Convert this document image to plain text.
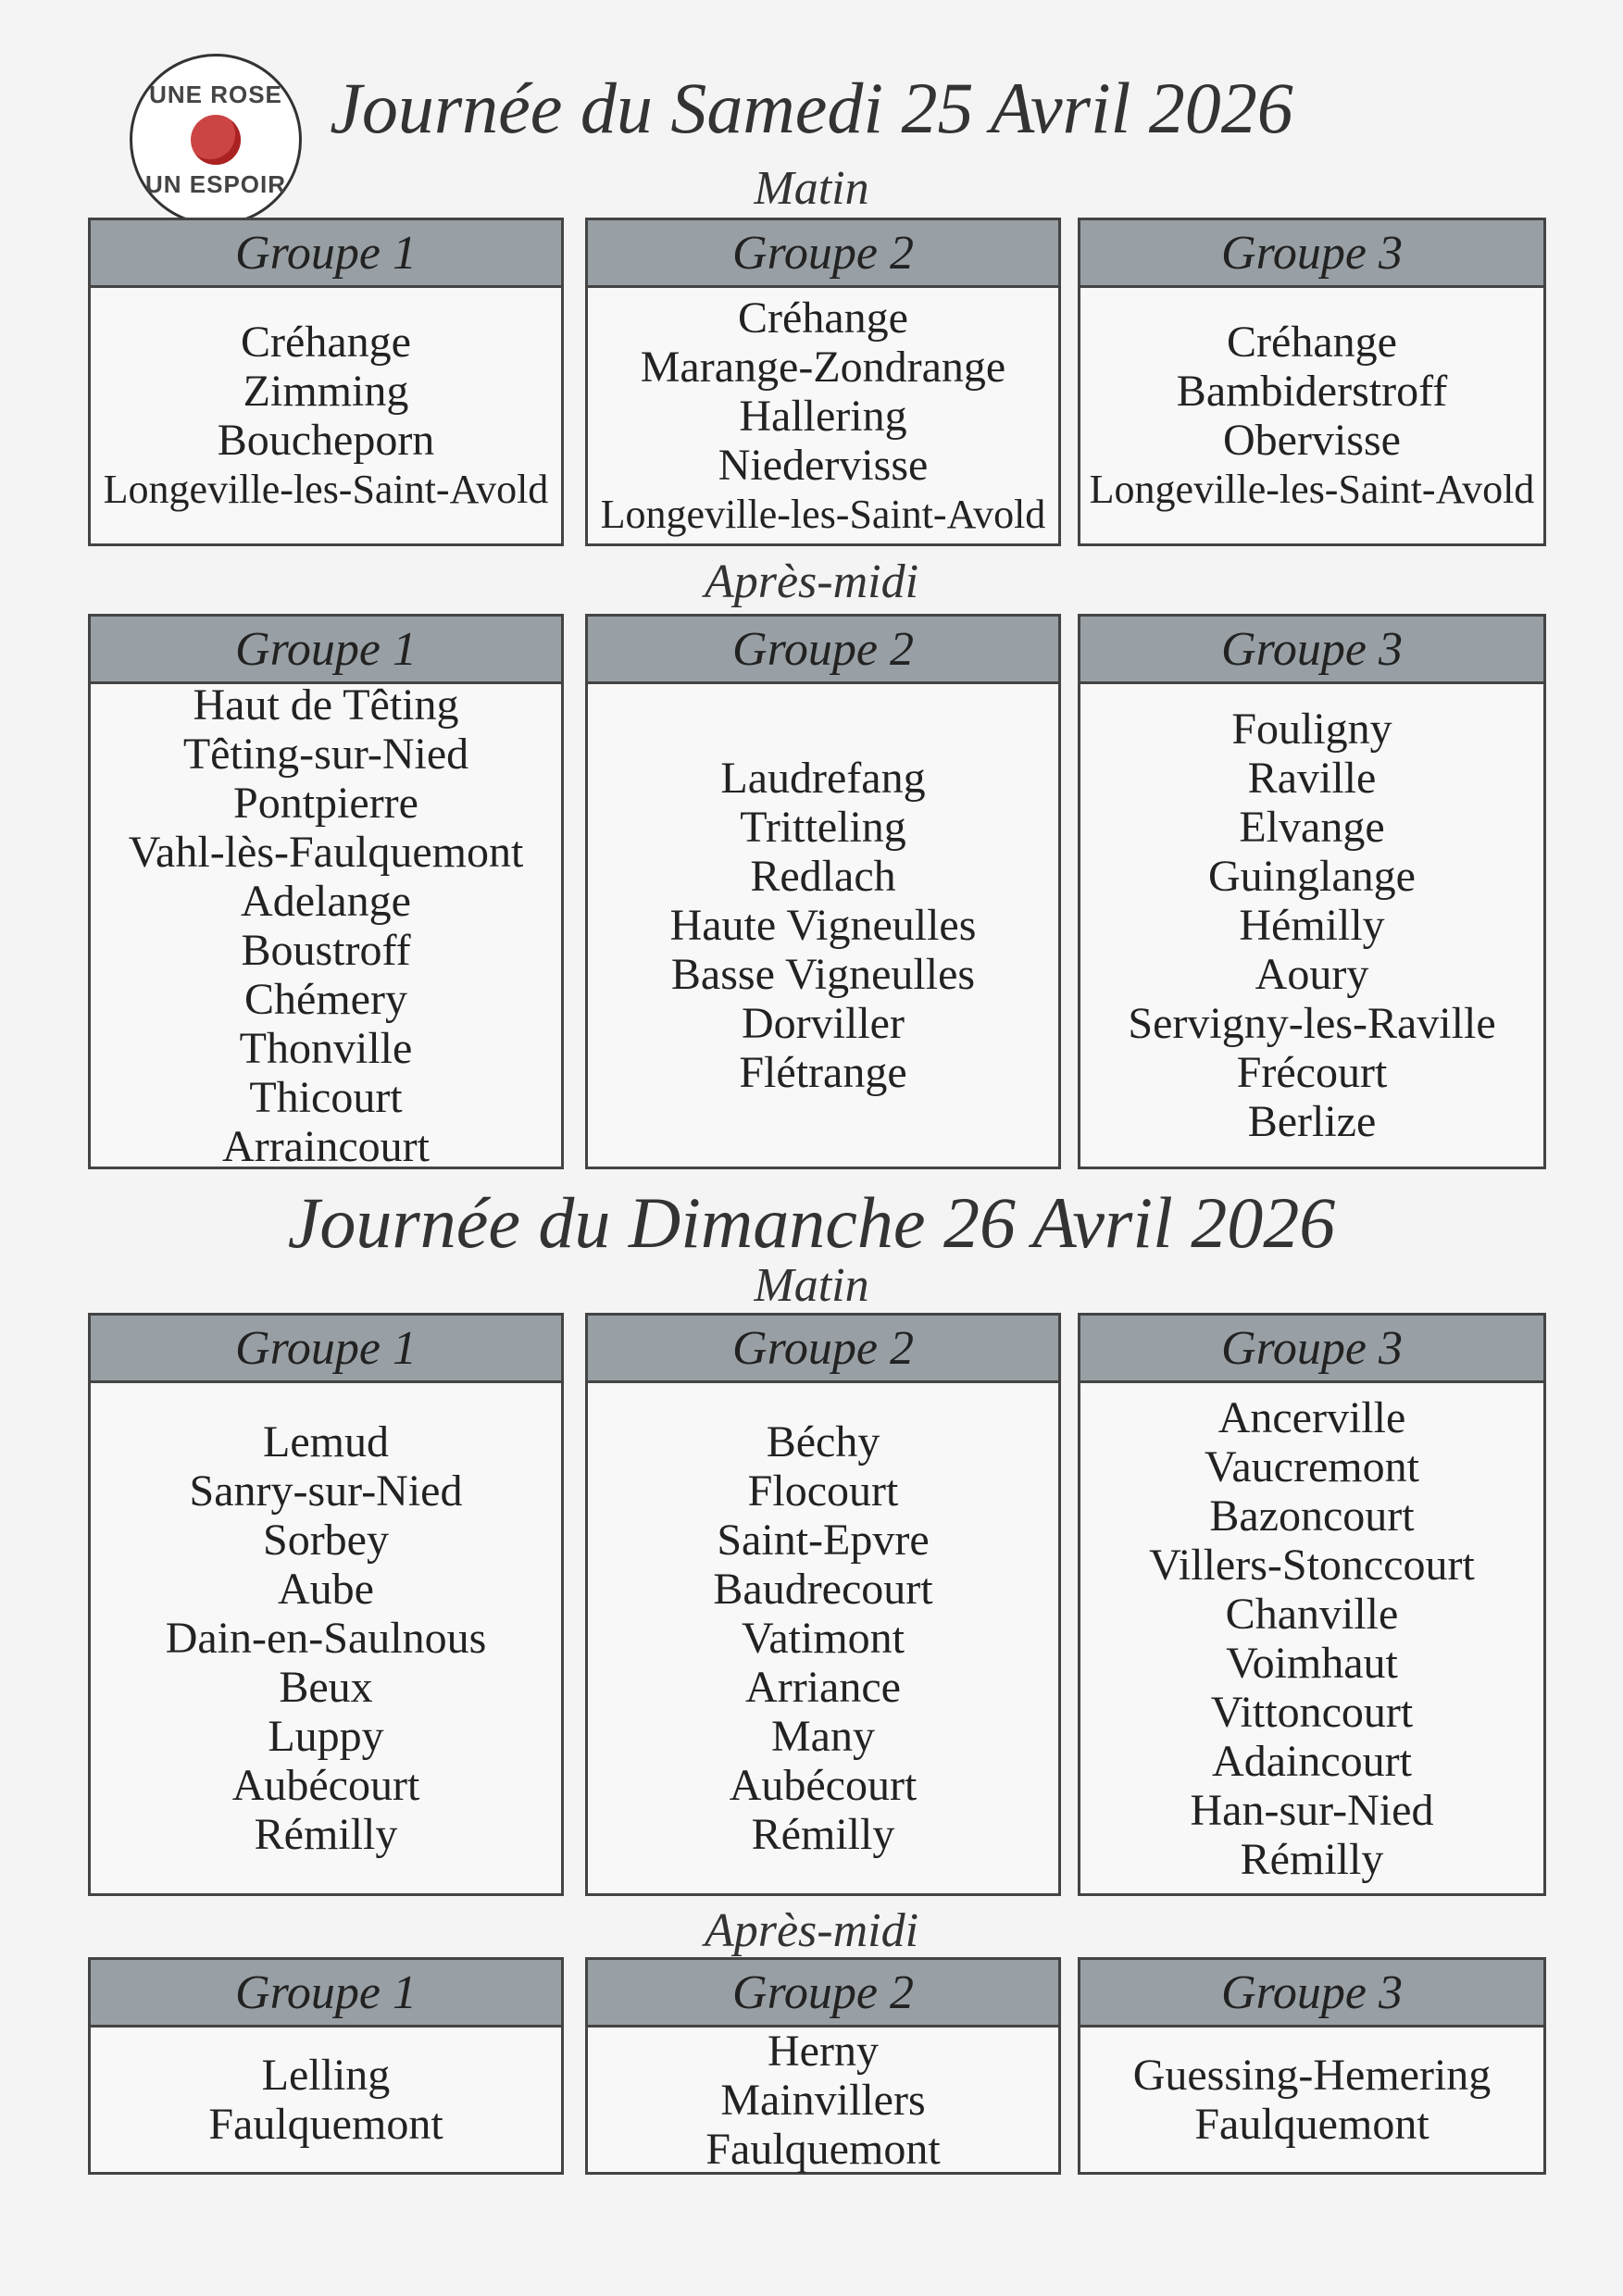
UNE ROSE
UN ESPOIR
Journée du Samedi 25 Avril 2026
Matin
Groupe 1
Créhange
Zimming
Boucheporn
Longeville-les-Saint-Avold
Groupe 2
Créhange
Marange-Zondrange
Hallering
Niedervisse
Longeville-les-Saint-Avold
Groupe 3
Créhange
Bambiderstroff
Obervisse
Longeville-les-Saint-Avold
Après-midi
Groupe 1
Haut de Têting
Têting-sur-Nied
Pontpierre
Vahl-lès-Faulquemont
Adelange
Boustroff
Chémery
Thonville
Thicourt
Arraincourt
Groupe 2
Laudrefang
Tritteling
Redlach
Haute Vigneulles
Basse Vigneulles
Dorviller
Flétrange
Groupe 3
Fouligny
Raville
Elvange
Guinglange
Hémilly
Aoury
Servigny-les-Raville
Frécourt
Berlize
Journée du Dimanche 26 Avril 2026
Matin
Groupe 1
Lemud
Sanry-sur-Nied
Sorbey
Aube
Dain-en-Saulnous
Beux
Luppy
Aubécourt
Rémilly
Groupe 2
Béchy
Flocourt
Saint-Epvre
Baudrecourt
Vatimont
Arriance
Many
Aubécourt
Rémilly
Groupe 3
Ancerville
Vaucremont
Bazoncourt
Villers-Stonccourt
Chanville
Voimhaut
Vittoncourt
Adaincourt
Han-sur-Nied
Rémilly
Après-midi
Groupe 1
Lelling
Faulquemont
Groupe 2
Herny
Mainvillers
Faulquemont
Groupe 3
Guessing-Hemering
Faulquemont
